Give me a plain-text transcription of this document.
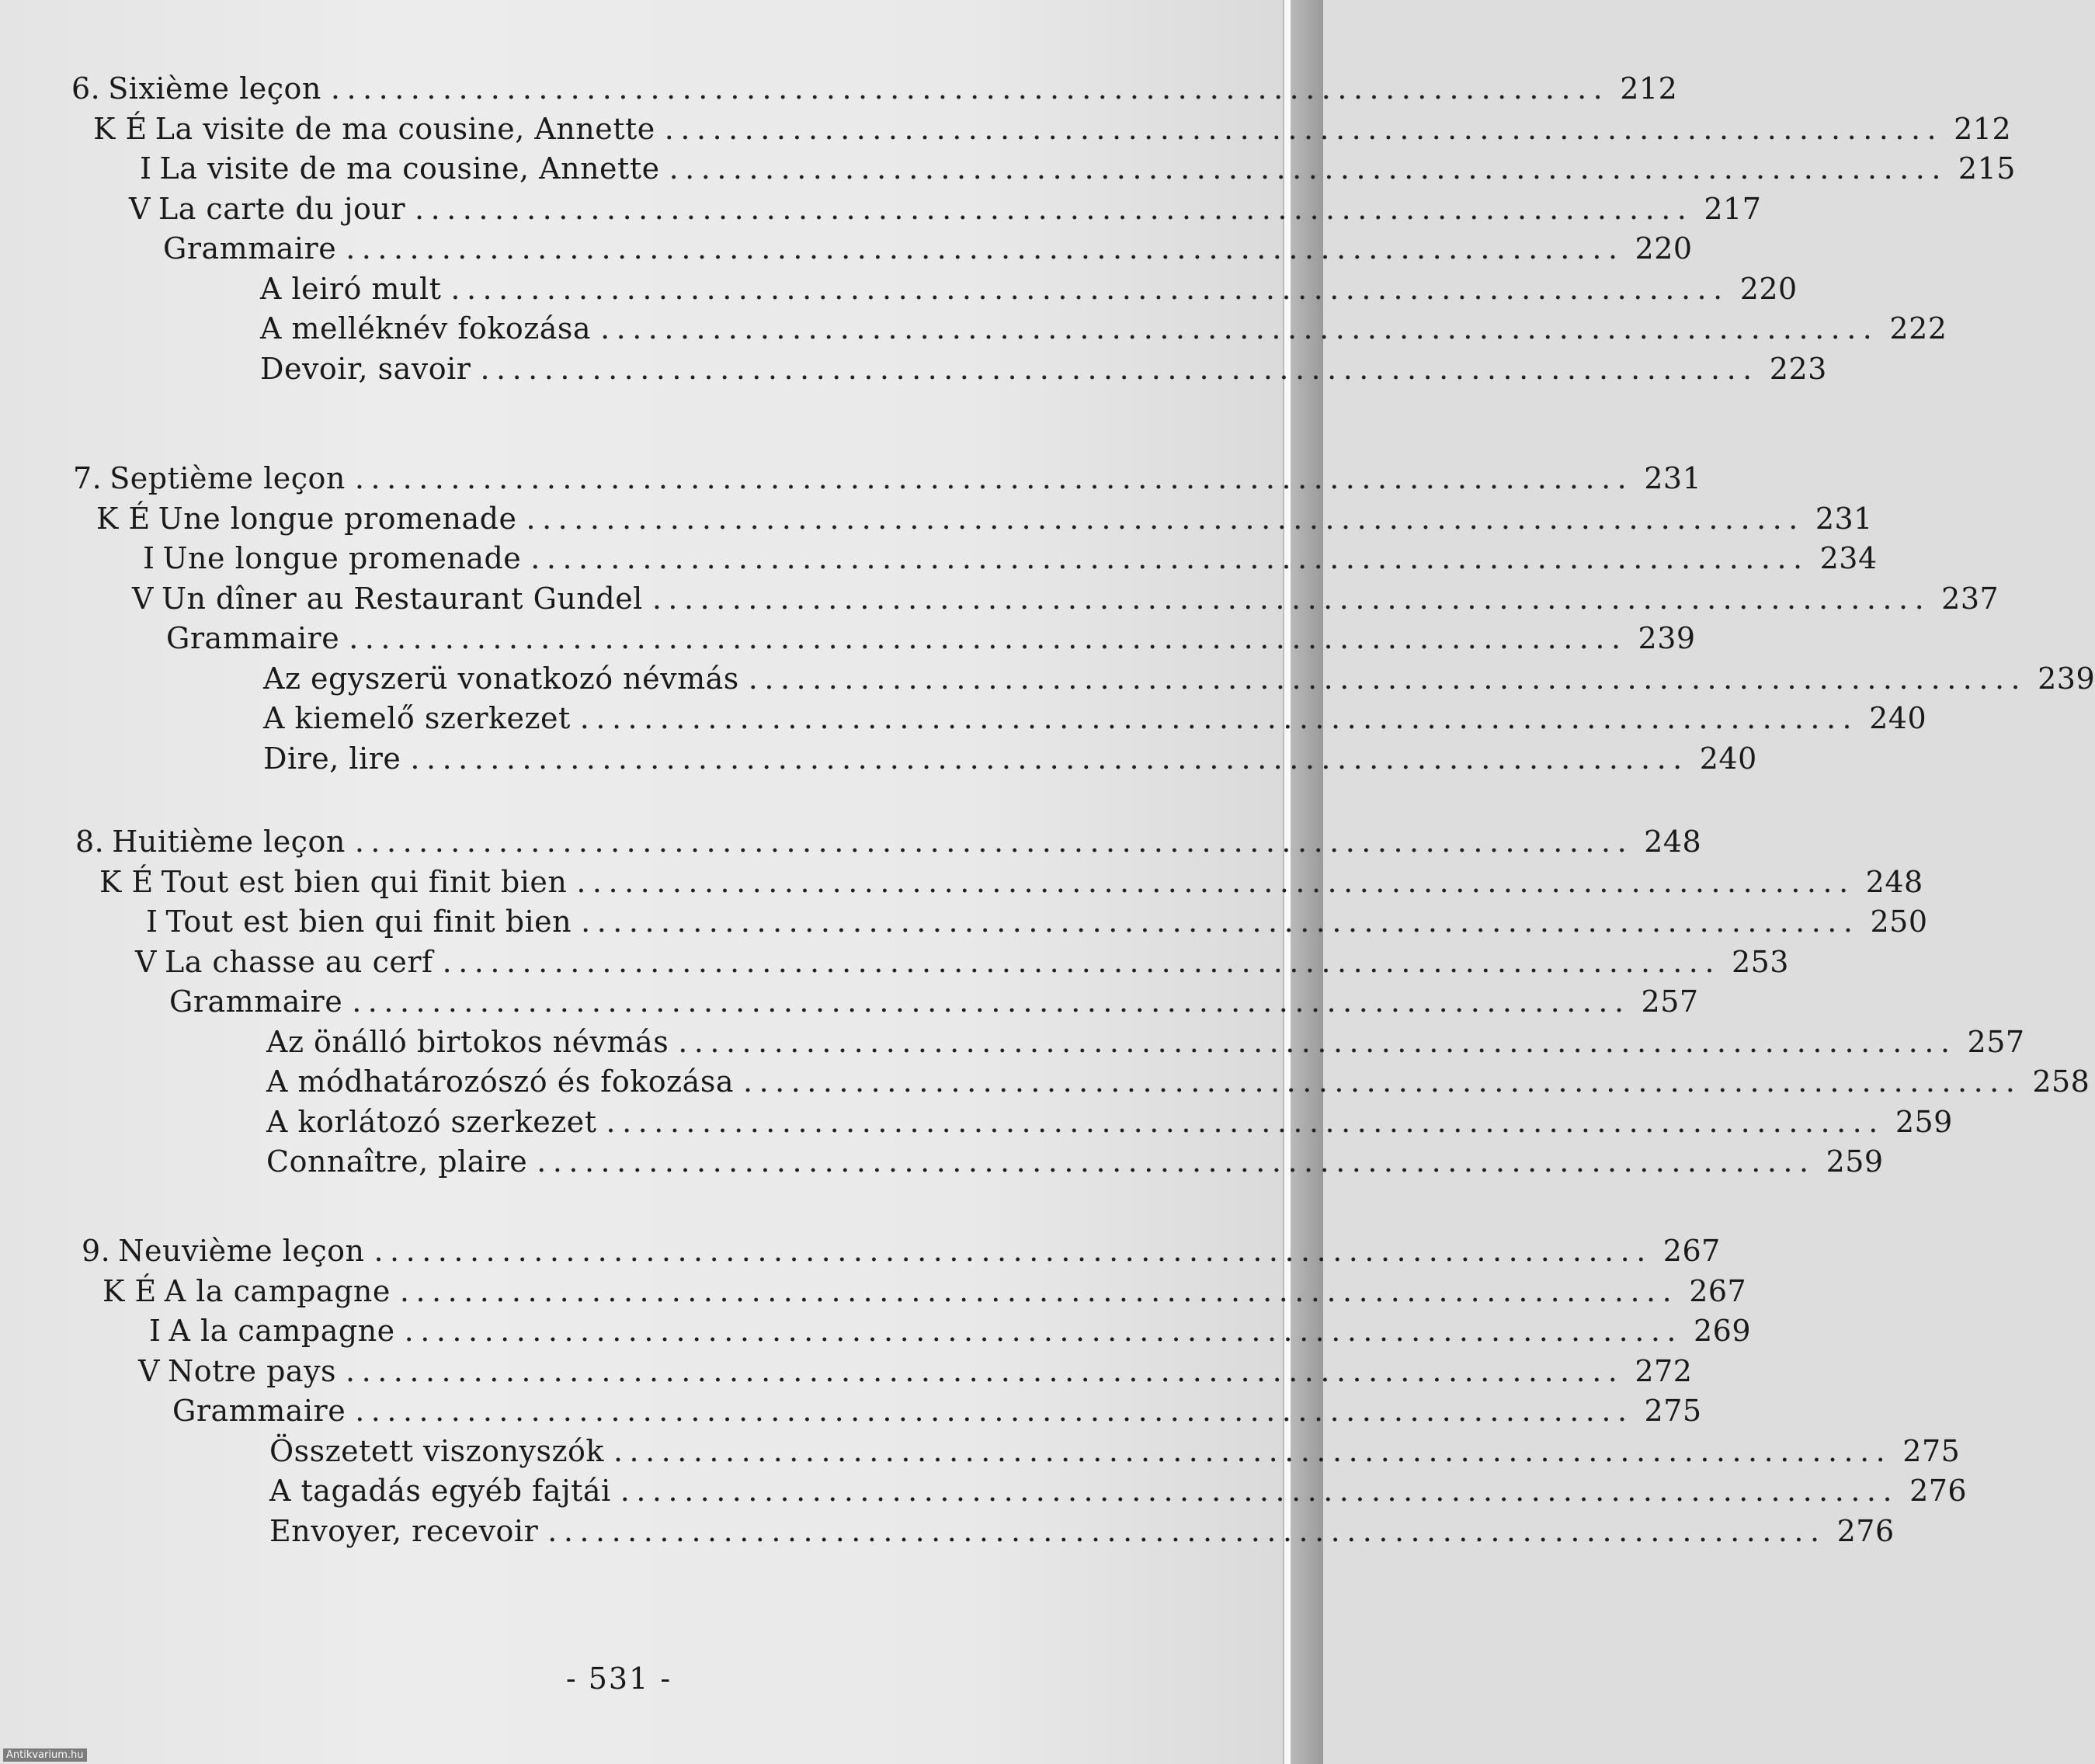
6. Sixième leçon ................................................................................ 212
K É La visite de ma cousine, Annette ................................................................................ 212
I La visite de ma cousine, Annette ................................................................................ 215
V La carte du jour ................................................................................ 217
Grammaire ................................................................................ 220
A leiró mult ................................................................................ 220
A melléknév fokozása ................................................................................ 222
Devoir, savoir ................................................................................ 223
7. Septième leçon ................................................................................ 231
K É Une longue promenade ................................................................................ 231
I Une longue promenade ................................................................................ 234
V Un dîner au Restaurant Gundel ................................................................................ 237
Grammaire ................................................................................ 239
Az egyszerü vonatkozó névmás ................................................................................ 239
A kiemelő szerkezet ................................................................................ 240
Dire, lire ................................................................................ 240
8. Huitième leçon ................................................................................ 248
K É Tout est bien qui finit bien ................................................................................ 248
I Tout est bien qui finit bien ................................................................................ 250
V La chasse au cerf ................................................................................ 253
Grammaire ................................................................................ 257
Az önálló birtokos névmás ................................................................................ 257
A módhatározószó és fokozása ................................................................................ 258
A korlátozó szerkezet ................................................................................ 259
Connaître, plaire ................................................................................ 259
9. Neuvième leçon ................................................................................ 267
K É A la campagne ................................................................................ 267
I A la campagne ................................................................................ 269
V Notre pays ................................................................................ 272
Grammaire ................................................................................ 275
Összetett viszonyszók ................................................................................ 275
A tagadás egyéb fajtái ................................................................................ 276
Envoyer, recevoir ................................................................................ 276
- 531 -
Antikvarium.hu
